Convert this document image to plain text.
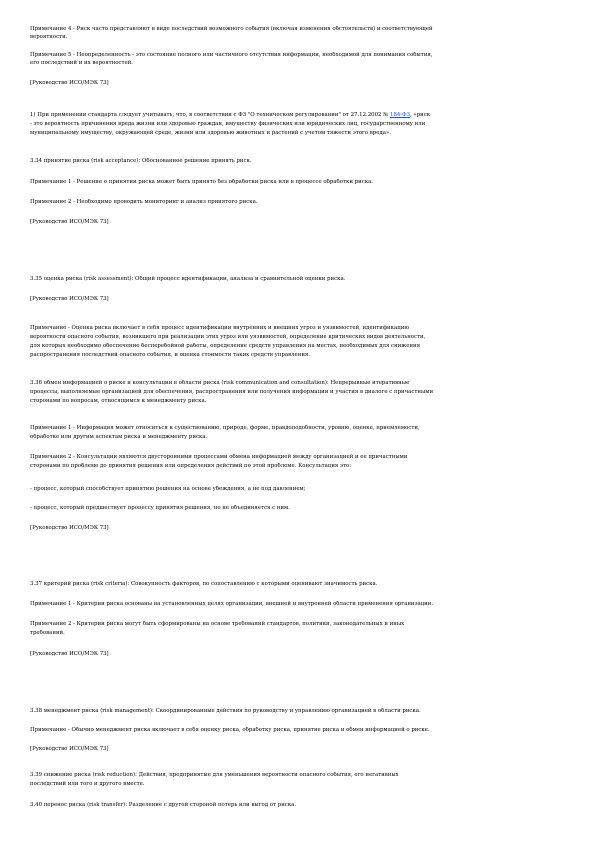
Примечание 4 - Риск часто представляют в виде последствий возможного события (включая изменения обстоятельств) и соответствующей
вероятности.
Примечание 5 - Неопределенность - это состояние полного или частичного отсутствия информации, необходимой для понимания события,
его последствий и их вероятностей.
[Руководство ИСО/МЭК 73]
1) При применении стандарта следует учитывать, что, в соответствии с ФЗ "О техническом регулировании" от 27.12.2002 № 184-ФЗ, «риск
- это вероятность причинения вреда жизни или здоровью граждан, имуществу физических или юридических лиц, государственному или
муниципальному имуществу, окружающей среде, жизни или здоровью животных и растений с учетом тяжести этого вреда».
3.34 принятие риска (risk acceptance): Обоснованное решение принять риск.
Примечание 1 - Решение о принятии риска может быть принято без обработки риска или в процессе обработки риска.
Примечание 2 - Необходимо проводить мониторинг и анализ принятого риска.
[Руководство ИСО/МЭК 73]
3.35 оценка риска (risk assessment): Общий процесс идентификации, анализа и сравнительной оценки риска.
[Руководство ИСО/МЭК 73]
Примечание - Оценка риска включает в себя процесс идентификации внутренних и внешних угроз и уязвимостей, идентификацию
вероятности опасного события, возникшего при реализации этих угроз или уязвимостей, определение критических видов деятельности,
для которых необходимо обеспечение бесперебойной работы, определение средств управления на местах, необходимых для снижения
распространения последствий опасного события, и оценка стоимости таких средств управления.
3.36 обмен информацией о риске и консультации в области риска (risk communication and consultation): Непрерывные итеративные
процессы, выполняемые организацией для обеспечения, распространения или получения информации и участия в диалоге с причастными
сторонами по вопросам, относящимся к менеджменту риска.
Примечание 1 - Информация может относиться к существованию, природе, форме, правдоподобности, уровню, оценке, приемлемости,
обработке или другим аспектам риска и менеджменту риска.
Примечание 2 - Консультации являются двусторонними процессами обмена информацией между организацией и ее причастными
сторонами по проблеме до принятия решения или определения действий по этой проблеме. Консультация это:
- процесс, который способствует принятию решения на основе убеждения, а не под давлением;
- процесс, который предшествует процессу принятия решения, но не объединяется с ним.
[Руководство ИСО/МЭК 73]
3.37 критерий риска (risk criteria): Совокупность факторов, по сопоставлению с которыми оценивают значимость риска.
Примечание 1 - Критерии риска основаны на установленных целях организации, внешней и внутренней области применения организации.
Примечание 2 - Критерии риска могут быть сформированы на основе требований стандартов, политики, законодательных и иных
требований.
[Руководство ИСО/МЭК 73]
3.38 менеджмент риска (risk management): Скоординированные действия по руководству и управлению организацией в области риска.
Примечание - Обычно менеджмент риска включает в себя оценку риска, обработку риска, принятие риска и обмен информацией о риске.
[Руководство ИСО/МЭК 73]
3.39 снижение риска (risk reduction): Действия, предпринятые для уменьшения вероятности опасного события, его негативных
последствий или того и другого вместе.
3.40 перенос риска (risk transfer): Разделение с другой стороной потерь или выгод от риска.
